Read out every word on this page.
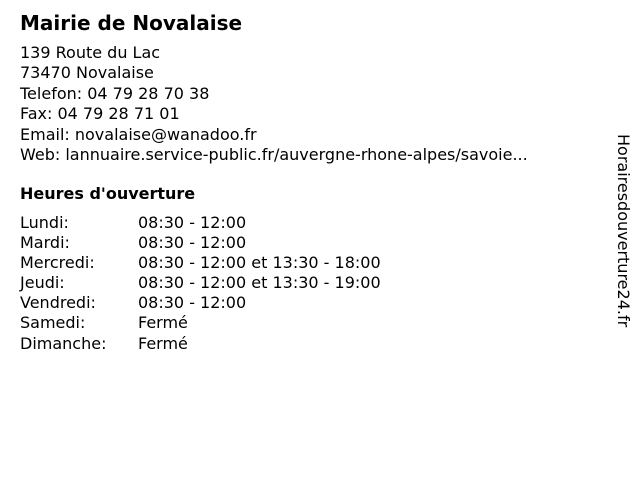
Mairie de Novalaise
139 Route du Lac
73470 Novalaise
Telefon: 04 79 28 70 38
Fax: 04 79 28 71 01
Email: novalaise@wanadoo.fr
Web: lannuaire.service-public.fr/auvergne-rhone-alpes/savoie...
Heures d'ouverture
Lundi:	08:30 - 12:00
Mardi:	08:30 - 12:00
Mercredi:	08:30 - 12:00 et 13:30 - 18:00
Jeudi:	08:30 - 12:00 et 13:30 - 19:00
Vendredi:	08:30 - 12:00
Samedi:	Fermé
Dimanche: Fermé
Horairesdouverture24.fr
